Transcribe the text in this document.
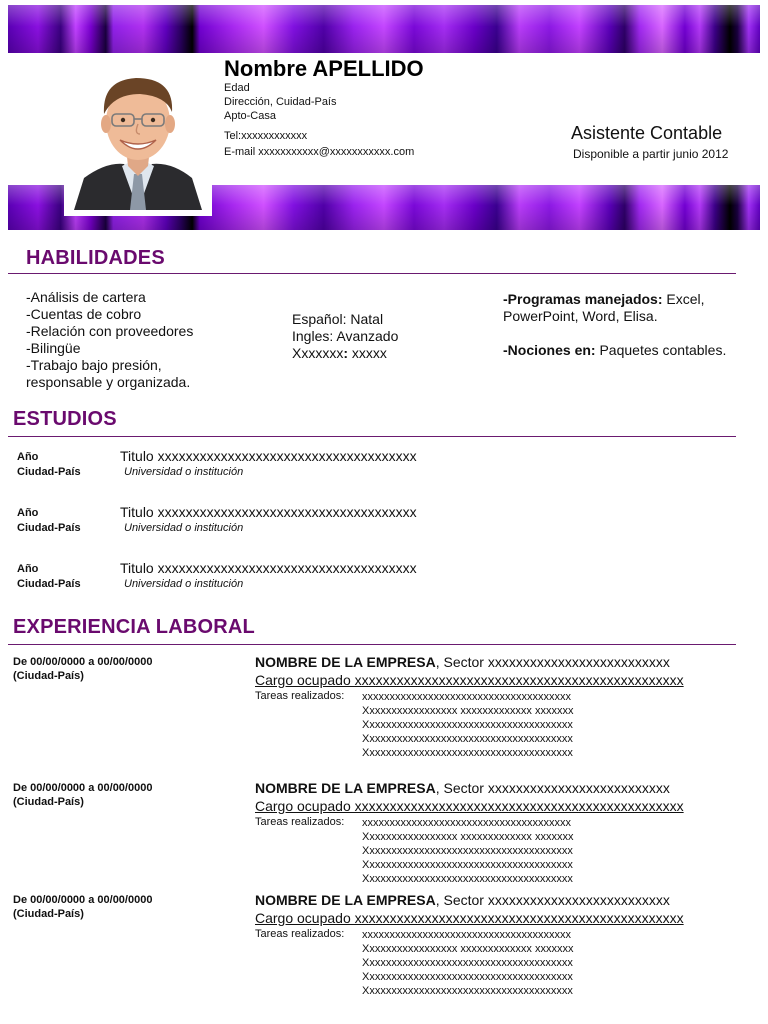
Nombre APELLIDO
Edad
Dirección, Cuidad-País
Apto-Casa
Tel:xxxxxxxxxxxx
E-mail xxxxxxxxxxx@xxxxxxxxxxx.com
Asistente Contable
Disponible a partir junio 2012
HABILIDADES
-Análisis de cartera
-Cuentas de cobro
-Relación con proveedores
-Bilingüe
-Trabajo bajo presión,
responsable y organizada.
Español: Natal
Ingles: Avanzado
Xxxxxxx: xxxxx
-Programas manejados: Excel, PowerPoint, Word, Elisa.
-Nociones en: Paquetes contables.
ESTUDIOS
Año
Ciudad-País
Titulo xxxxxxxxxxxxxxxxxxxxxxxxxxxxxxxxxxxxx
Universidad o institución
Año
Ciudad-País
Titulo xxxxxxxxxxxxxxxxxxxxxxxxxxxxxxxxxxxxx
Universidad o institución
Año
Ciudad-País
Titulo xxxxxxxxxxxxxxxxxxxxxxxxxxxxxxxxxxxxx
Universidad o institución
EXPERIENCIA LABORAL
De 00/00/0000 a 00/00/0000
(Ciudad-País)
NOMBRE DE LA EMPRESA, Sector xxxxxxxxxxxxxxxxxxxxxxxxxx
Cargo ocupado xxxxxxxxxxxxxxxxxxxxxxxxxxxxxxxxxxxxxxxxxxxxxxx
Tareas realizados: xxxxxxxxxxxxxxxxxxxxxxxxxxxxxxxxxxxxxx
Xxxxxxxxxxxxxxxxx xxxxxxxxxxxxx xxxxxxx
Xxxxxxxxxxxxxxxxxxxxxxxxxxxxxxxxxxxxxx
Xxxxxxxxxxxxxxxxxxxxxxxxxxxxxxxxxxxxxx
Xxxxxxxxxxxxxxxxxxxxxxxxxxxxxxxxxxxxxx
De 00/00/0000 a 00/00/0000
(Ciudad-País)
NOMBRE DE LA EMPRESA, Sector xxxxxxxxxxxxxxxxxxxxxxxxxx
Cargo ocupado xxxxxxxxxxxxxxxxxxxxxxxxxxxxxxxxxxxxxxxxxxxxxxx
Tareas realizados: xxxxxxxxxxxxxxxxxxxxxxxxxxxxxxxxxxxxxx
Xxxxxxxxxxxxxxxxx xxxxxxxxxxxxx xxxxxxx
Xxxxxxxxxxxxxxxxxxxxxxxxxxxxxxxxxxxxxx
Xxxxxxxxxxxxxxxxxxxxxxxxxxxxxxxxxxxxxx
Xxxxxxxxxxxxxxxxxxxxxxxxxxxxxxxxxxxxxx
De 00/00/0000 a 00/00/0000
(Ciudad-País)
NOMBRE DE LA EMPRESA, Sector xxxxxxxxxxxxxxxxxxxxxxxxxx
Cargo ocupado xxxxxxxxxxxxxxxxxxxxxxxxxxxxxxxxxxxxxxxxxxxxxxx
Tareas realizados: xxxxxxxxxxxxxxxxxxxxxxxxxxxxxxxxxxxxxx
Xxxxxxxxxxxxxxxxx xxxxxxxxxxxxx xxxxxxx
Xxxxxxxxxxxxxxxxxxxxxxxxxxxxxxxxxxxxxx
Xxxxxxxxxxxxxxxxxxxxxxxxxxxxxxxxxxxxxx
Xxxxxxxxxxxxxxxxxxxxxxxxxxxxxxxxxxxxxx
